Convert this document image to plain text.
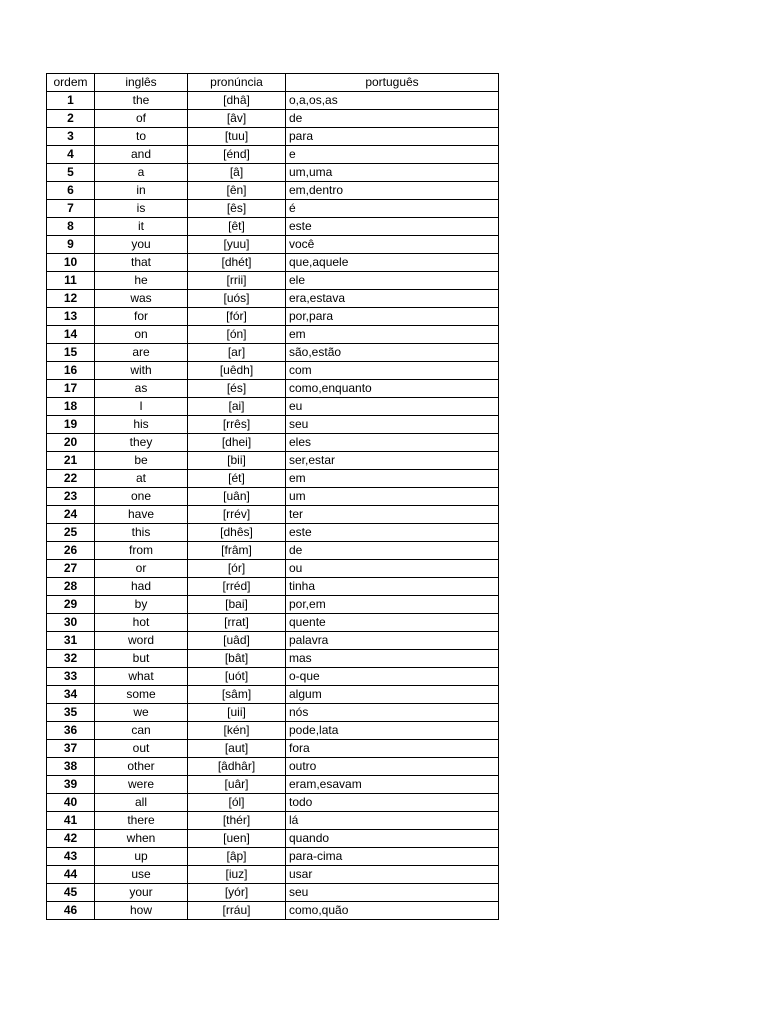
ordem	inglês	pronúncia	português
1	the	[dhâ]	o,a,os,as
2	of	[âv]	de
3	to	[tuu]	para
4	and	[énd]	e
5	a	[â]	um,uma
6	in	[ên]	em,dentro
7	is	[ês]	é
8	it	[êt]	este
9	you	[yuu]	você
10	that	[dhét]	que,aquele
11	he	[rrii]	ele
12	was	[uós]	era,estava
13	for	[fór]	por,para
14	on	[ón]	em
15	are	[ar]	são,estão
16	with	[uêdh]	com
17	as	[és]	como,enquanto
18	I	[ai]	eu
19	his	[rrês]	seu
20	they	[dhei]	eles
21	be	[bii]	ser,estar
22	at	[ét]	em
23	one	[uân]	um
24	have	[rrév]	ter
25	this	[dhês]	este
26	from	[frâm]	de
27	or	[ór]	ou
28	had	[rréd]	tinha
29	by	[bai]	por,em
30	hot	[rrat]	quente
31	word	[uâd]	palavra
32	but	[bât]	mas
33	what	[uót]	o-que
34	some	[sâm]	algum
35	we	[uii]	nós
36	can	[kén]	pode,lata
37	out	[aut]	fora
38	other	[âdhâr]	outro
39	were	[uâr]	eram,esavam
40	all	[ól]	todo
41	there	[thér]	lá
42	when	[uen]	quando
43	up	[âp]	para-cima
44	use	[iuz]	usar
45	your	[yór]	seu
46	how	[rráu]	como,quão
